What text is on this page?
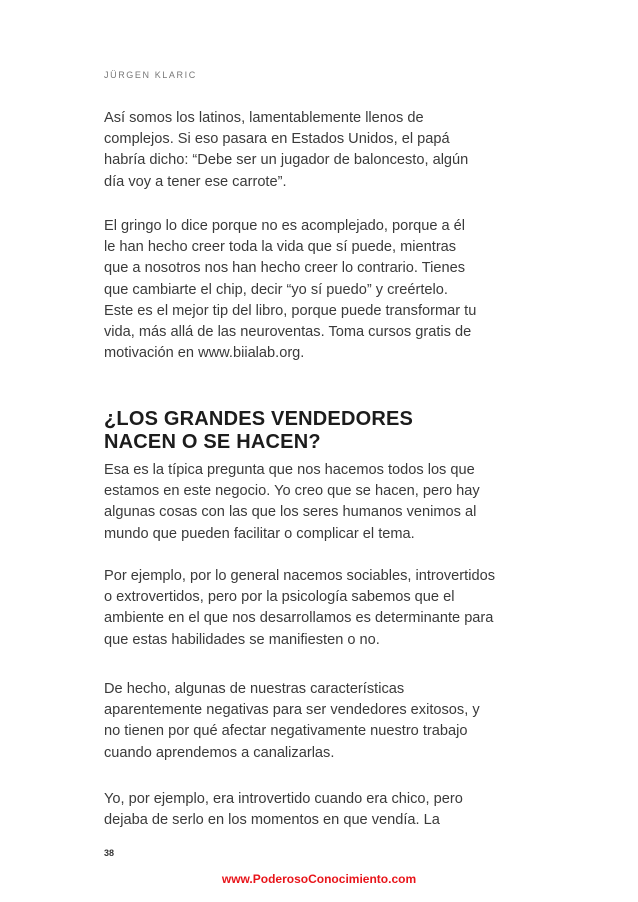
JÜRGEN KLARIC
Así somos los latinos, lamentablemente llenos de
complejos. Si eso pasara en Estados Unidos, el papá
habría dicho: “Debe ser un jugador de baloncesto, algún
día voy a tener ese carrote”.
El gringo lo dice porque no es acomplejado, porque a él
le han hecho creer toda la vida que sí puede, mientras
que a nosotros nos han hecho creer lo contrario. Tienes
que cambiarte el chip, decir “yo sí puedo” y creértelo.
Este es el mejor tip del libro, porque puede transformar tu
vida, más allá de las neuroventas. Toma cursos gratis de
motivación en www.biialab.org.
¿LOS GRANDES VENDEDORES
NACEN O SE HACEN?
Esa es la típica pregunta que nos hacemos todos los que
estamos en este negocio. Yo creo que se hacen, pero hay
algunas cosas con las que los seres humanos venimos al
mundo que pueden facilitar o complicar el tema.
Por ejemplo, por lo general nacemos sociables, introvertidos
o extrovertidos, pero por la psicología sabemos que el
ambiente en el que nos desarrollamos es determinante para
que estas habilidades se manifiesten o no.
De hecho, algunas de nuestras características
aparentemente negativas para ser vendedores exitosos, y
no tienen por qué afectar negativamente nuestro trabajo
cuando aprendemos a canalizarlas.
Yo, por ejemplo, era introvertido cuando era chico, pero
dejaba de serlo en los momentos en que vendía. La
38
www.PoderosoConocimiento.com
